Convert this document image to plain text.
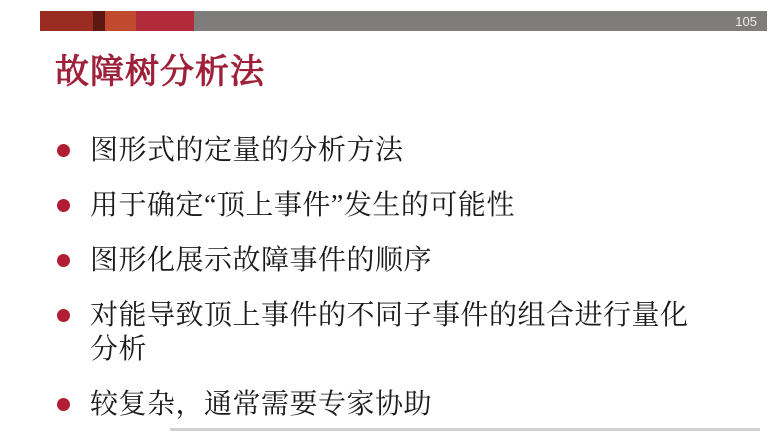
105
故障树分析法
图形式的定量的分析方法
用于确定“顶上事件”发生的可能性
图形化展示故障事件的顺序
对能导致顶上事件的不同子事件的组合进行量化分析
较复杂，通常需要专家协助
